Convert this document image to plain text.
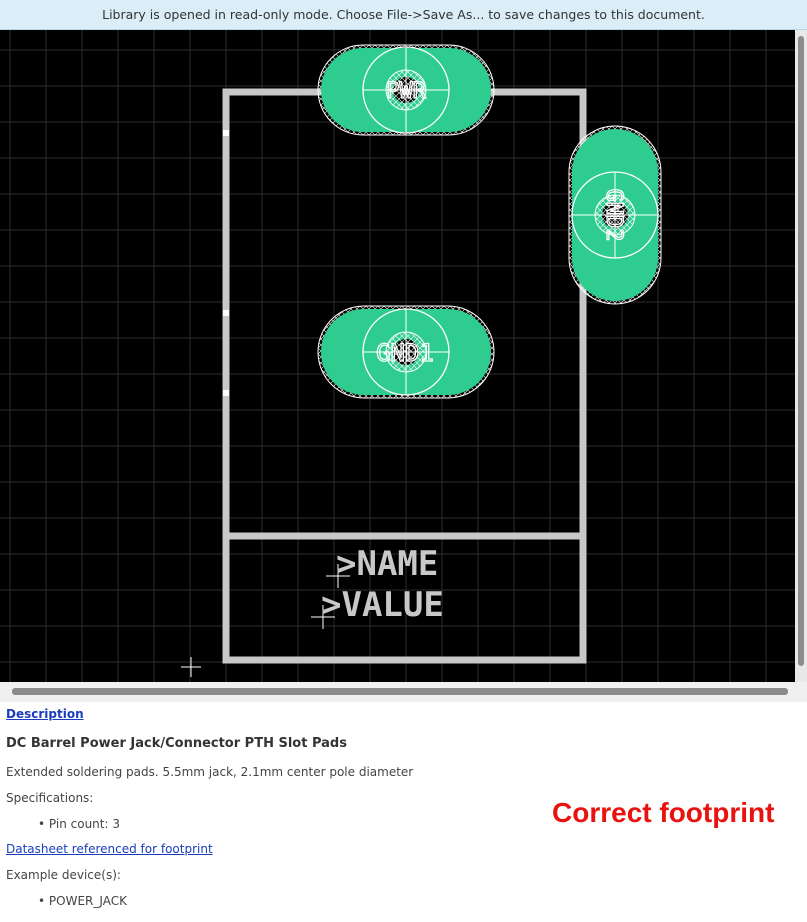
Library is opened in read-only mode. Choose File->Save As... to save changes to this document.
PWR
GND2
GND1
>NAME
>VALUE
Description
DC Barrel Power Jack/Connector PTH Slot Pads
Extended soldering pads. 5.5mm jack, 2.1mm center pole diameter
Specifications:
• Pin count: 3
Datasheet referenced for footprint
Example device(s):
• POWER_JACK
Correct footprint
